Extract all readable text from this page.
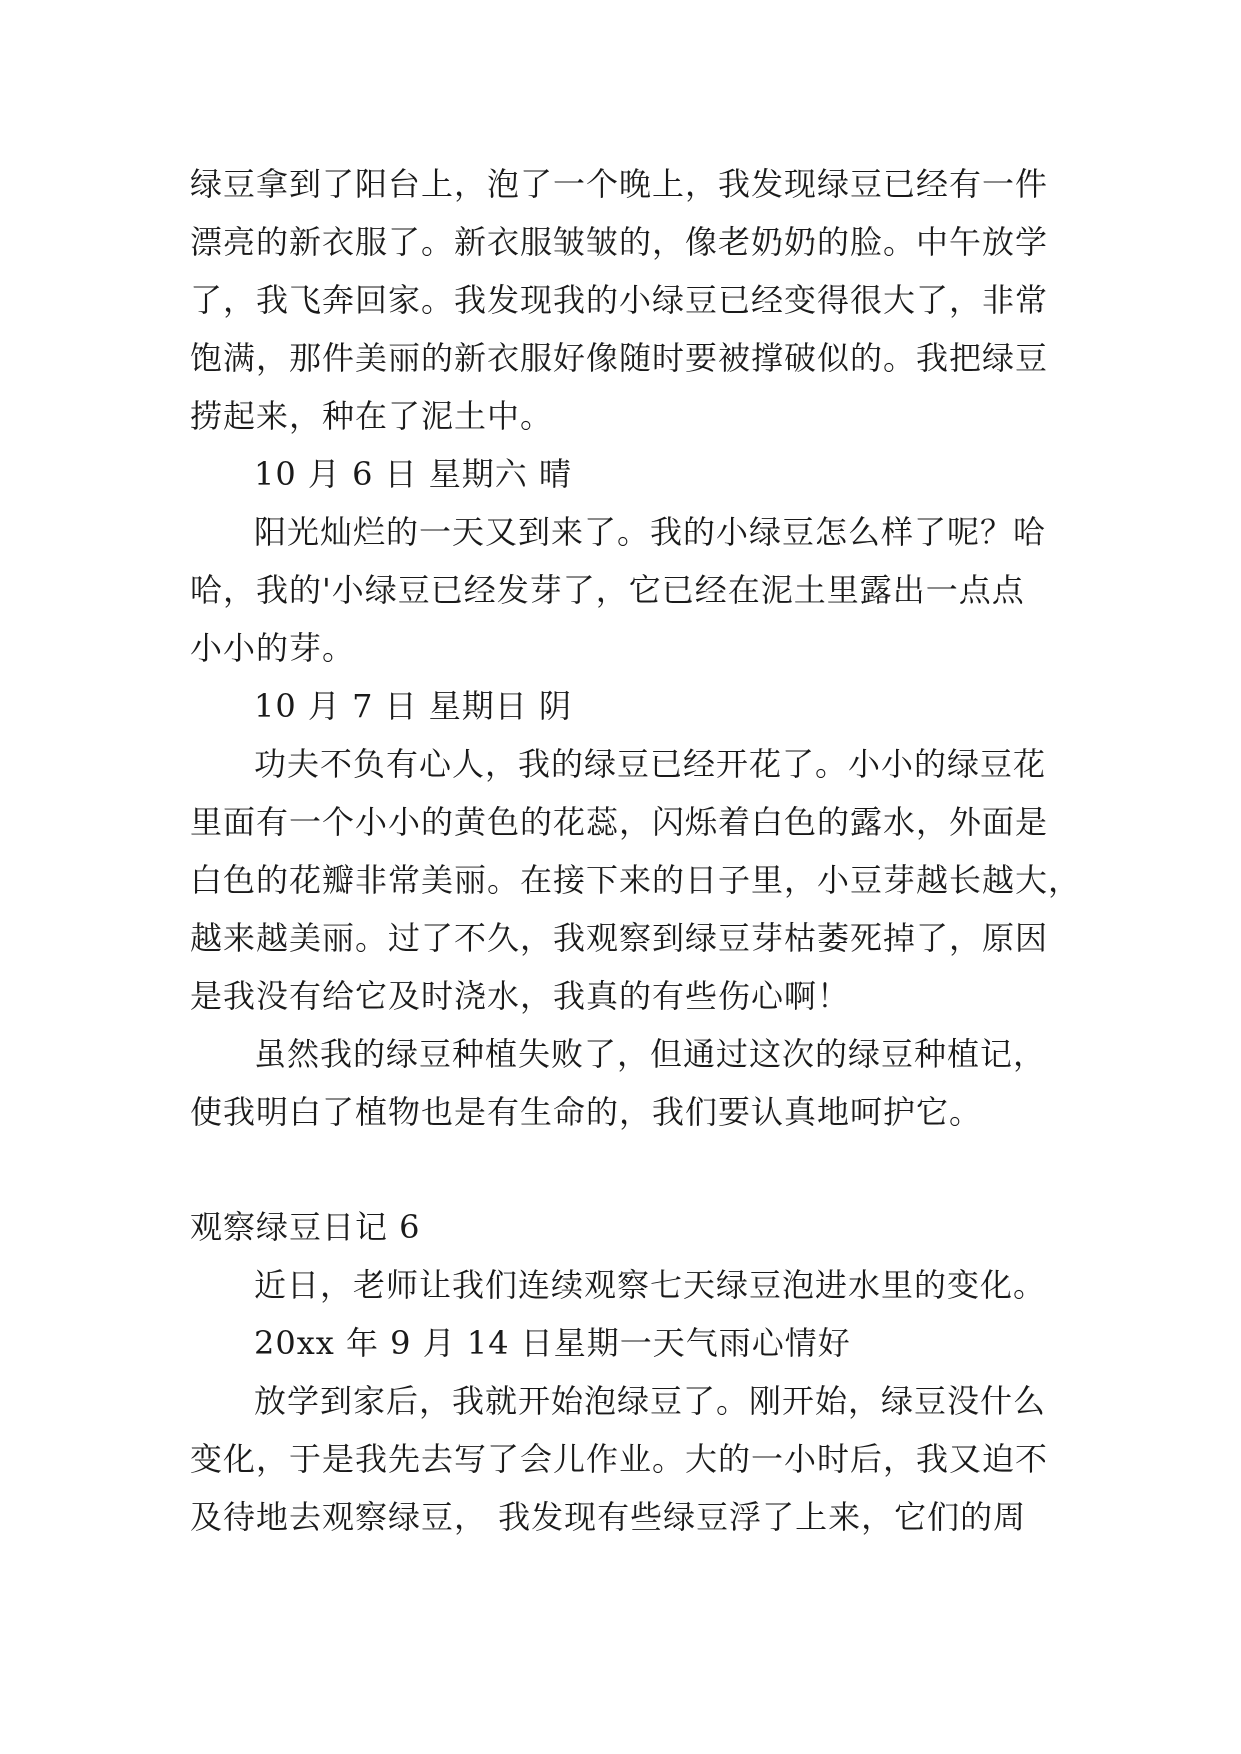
绿豆拿到了阳台上，泡了一个晚上，我发现绿豆已经有一件
漂亮的新衣服了。新衣服皱皱的，像老奶奶的脸。中午放学
了，我飞奔回家。我发现我的小绿豆已经变得很大了，非常
饱满，那件美丽的新衣服好像随时要被撑破似的。我把绿豆
捞起来，种在了泥土中。
10 月 6 日 星期六 晴
阳光灿烂的一天又到来了。我的小绿豆怎么样了呢？哈
哈，我的'小绿豆已经发芽了，它已经在泥土里露出一点点
小小的芽。
10 月 7 日 星期日 阴
功夫不负有心人，我的绿豆已经开花了。小小的绿豆花
里面有一个小小的黄色的花蕊，闪烁着白色的露水，外面是
白色的花瓣非常美丽。在接下来的日子里，小豆芽越长越大，
越来越美丽。过了不久，我观察到绿豆芽枯萎死掉了，原因
是我没有给它及时浇水，我真的有些伤心啊！
虽然我的绿豆种植失败了，但通过这次的绿豆种植记，
使我明白了植物也是有生命的，我们要认真地呵护它。
观察绿豆日记 6
近日，老师让我们连续观察七天绿豆泡进水里的变化。
20xx 年 9 月 14 日星期一天气雨心情好
放学到家后，我就开始泡绿豆了。刚开始，绿豆没什么
变化，于是我先去写了会儿作业。大的一小时后，我又迫不
及待地去观察绿豆， 我发现有些绿豆浮了上来，它们的周
